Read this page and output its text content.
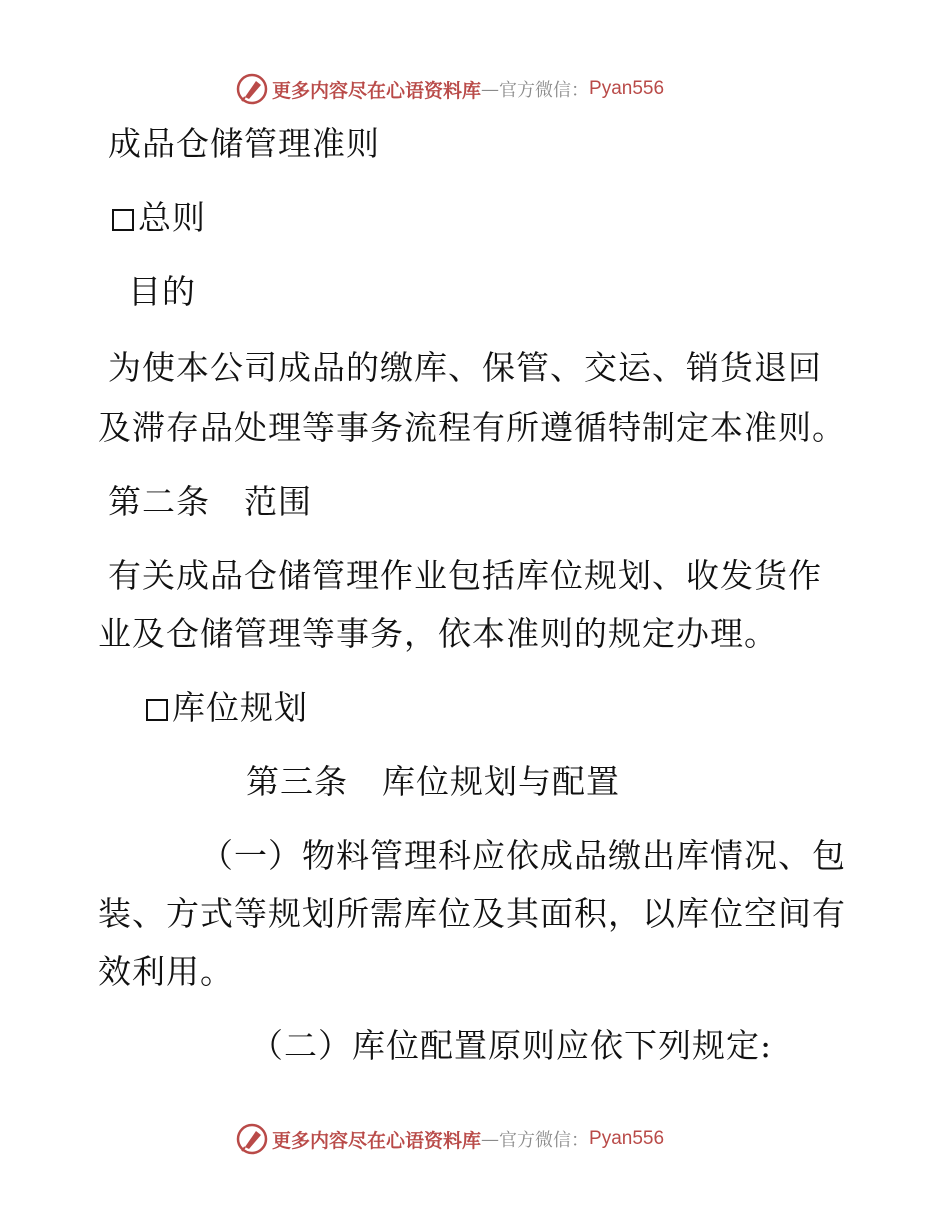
更多内容尽在心语资料库 — 官方微信： Pyan556
成品仓储管理准则
总则
目的
为使本公司成品的缴库、保管、交运、销货退回
及滞存品处理等事务流程有所遵循特制定本准则。
第二条　范围
有关成品仓储管理作业包括库位规划、收发货作
业及仓储管理等事务，依本准则的规定办理。
库位规划
第三条　库位规划与配置
（一）物料管理科应依成品缴出库情况、包
装、方式等规划所需库位及其面积，以库位空间有
效利用。
（二）库位配置原则应依下列规定:
更多内容尽在心语资料库 — 官方微信： Pyan556
